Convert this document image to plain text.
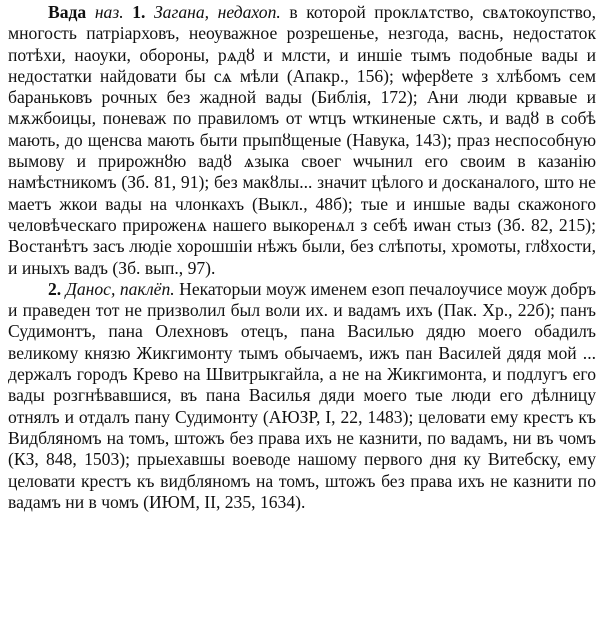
Вада наз. 1. Загана, недахоп. в которой проклѧтство, свѧтокоупство, многость патрiарховъ, неоуважное розрешенье, незгода, васнь, недостаток потѣхи, наоуки, обороны, рѧдȣ и млсти, и иншiе тымъ подобные вады и недостатки найдовати бы сѧ мѣли (Апакр., 156); ѡферȣете з хлѣбомъ сем бараньковъ рочных без жадной вады (Библія, 172); Ани люди крвавые и мѫжбоицы, поневаж по правиломъ от ѡтцъ ѡткиненые сѫть, и вадȣ в собѣ мають, до щенсва мають быти прыпȣщеные (Навука, 143); праз неспособную вымову и прирожнȣю вадȣ ѧзыка своег ѡчынил его своим в казанію намѣстникомъ (Зб. 81, 91); без макȣлы... значит цѣлого и досканалого, што не маетъ жкои вады на члонкахъ (Выкл., 48б); тые и иншые вады скажоного человѣческаго прироженѧ нашего выкоренѧл з себѣ иѡан стыз (Зб. 82, 215); Востанѣтъ засъ людіе хорошшіи нѣжъ были, без слѣпоты, хромоты, глȣхости, и иныхъ вадъ (Зб. вып., 97).

2. Данос, паклёп. Некаторыи моуж именем езоп печалоучисе моуж добръ и праведен тот не призволил был воли их. и вадамъ ихъ (Пак. Хр., 22б); панъ Судимонтъ, пана Олехновъ отецъ, пана Василью дядю моего обадилъ великому князю Жикгимонту тымъ обычаемъ, ижъ пан Василей дядя мой ... держалъ городъ Крево на Швитрыкгайла, а не на Жикгимонта, и подлугъ его вады розгнѣвавшися, въ пана Василья дяди моего тые люди его дѣлницу отнялъ и отдалъ пану Судимонту (АЮЗР, I, 22, 1483); целовати ему крестъ къ Видбляномъ на томъ, штожъ без права ихъ не казнити, по вадамъ, ни въ чомъ (КЗ, 848, 1503); прыехавшы воеводе нашому первого дня ку Витебску, ему целовати крестъ къ видбляномъ на томъ, штожъ без права ихъ не казнити по вадамъ ни в чомъ (ИЮМ, II, 235, 1634).
